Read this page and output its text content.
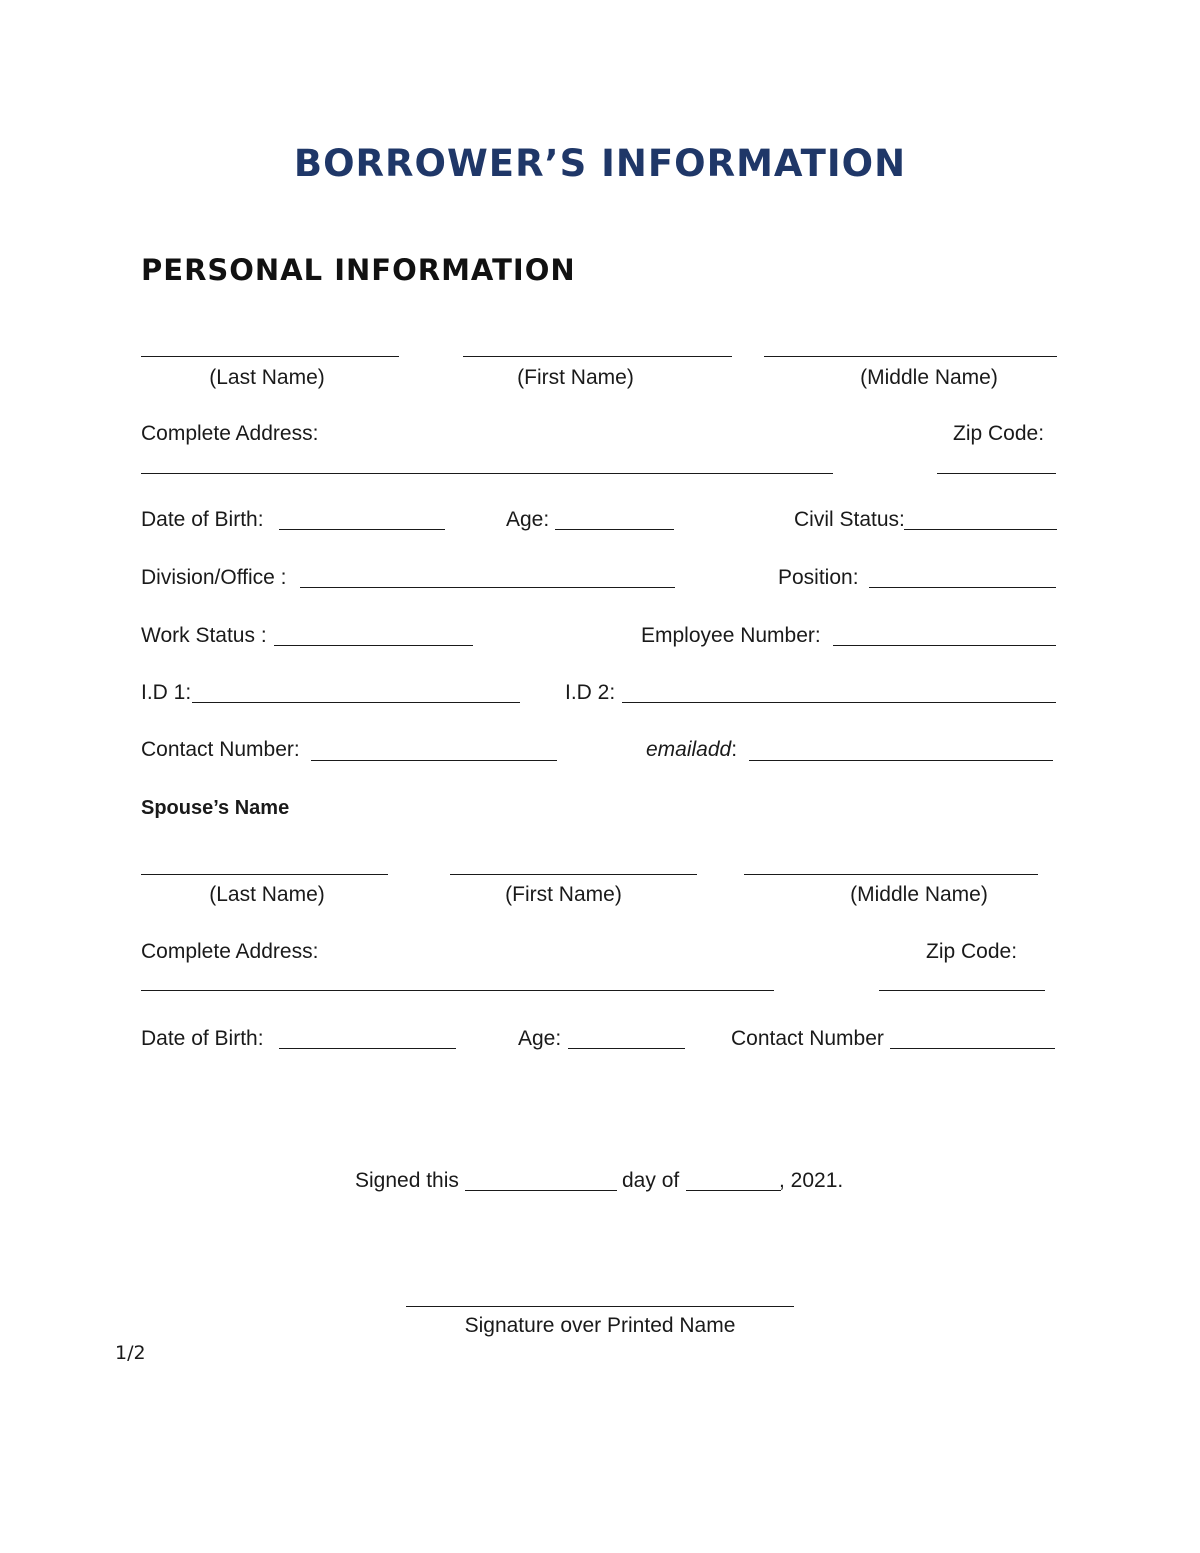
BORROWER’S INFORMATION
PERSONAL INFORMATION
(Last Name)	(First Name)	(Middle Name)
Complete Address:	Zip Code:
Date of Birth:	Age:	Civil Status:
Division/Office :	Position:
Work Status :	Employee Number:
I.D 1:	I.D 2:
Contact Number:	emailadd:
Spouse’s Name
(Last Name)	(First Name)	(Middle Name)
Complete Address:	Zip Code:
Date of Birth:	Age:	Contact Number
Signed this	day of	, 2021.
Signature over Printed Name
1/2
